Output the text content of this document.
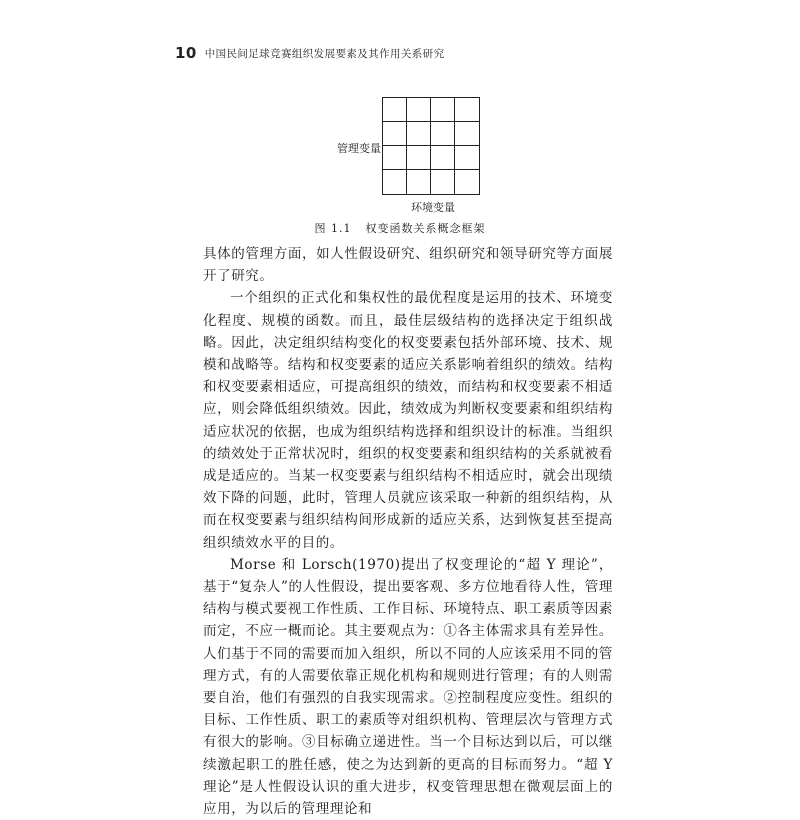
10 中国民间足球竞赛组织发展要素及其作用关系研究
管理变量
环境变量
图 1.1 权变函数关系概念框架

具体的管理方面，如人性假设研究、组织研究和领导研究等方面展开了研究。

一个组织的正式化和集权性的最优程度是运用的技术、环境变化程度、规模的函数。而且，最佳层级结构的选择决定于组织战略。因此，决定组织结构变化的权变要素包括外部环境、技术、规模和战略等。结构和权变要素的适应关系影响着组织的绩效。结构和权变要素相适应，可提高组织的绩效，而结构和权变要素不相适应，则会降低组织绩效。因此，绩效成为判断权变要素和组织结构适应状况的依据，也成为组织结构选择和组织设计的标准。当组织的绩效处于正常状况时，组织的权变要素和组织结构的关系就被看成是适应的。当某一权变要素与组织结构不相适应时，就会出现绩效下降的问题，此时，管理人员就应该采取一种新的组织结构，从而在权变要素与组织结构间形成新的适应关系，达到恢复甚至提高组织绩效水平的目的。

Morse 和 Lorsch(1970)提出了权变理论的“超 Y 理论”，基于“复杂人”的人性假设，提出要客观、多方位地看待人性，管理结构与模式要视工作性质、工作目标、环境特点、职工素质等因素而定，不应一概而论。其主要观点为：①各主体需求具有差异性。人们基于不同的需要而加入组织，所以不同的人应该采用不同的管理方式，有的人需要依靠正规化机构和规则进行管理；有的人则需要自治，他们有强烈的自我实现需求。②控制程度应变性。组织的目标、工作性质、职工的素质等对组织机构、管理层次与管理方式有很大的影响。③目标确立递进性。当一个目标达到以后，可以继续激起职工的胜任感，使之为达到新的更高的目标而努力。“超 Y 理论”是人性假设认识的重大进步，权变管理思想在微观层面上的应用，为以后的管理理论和
